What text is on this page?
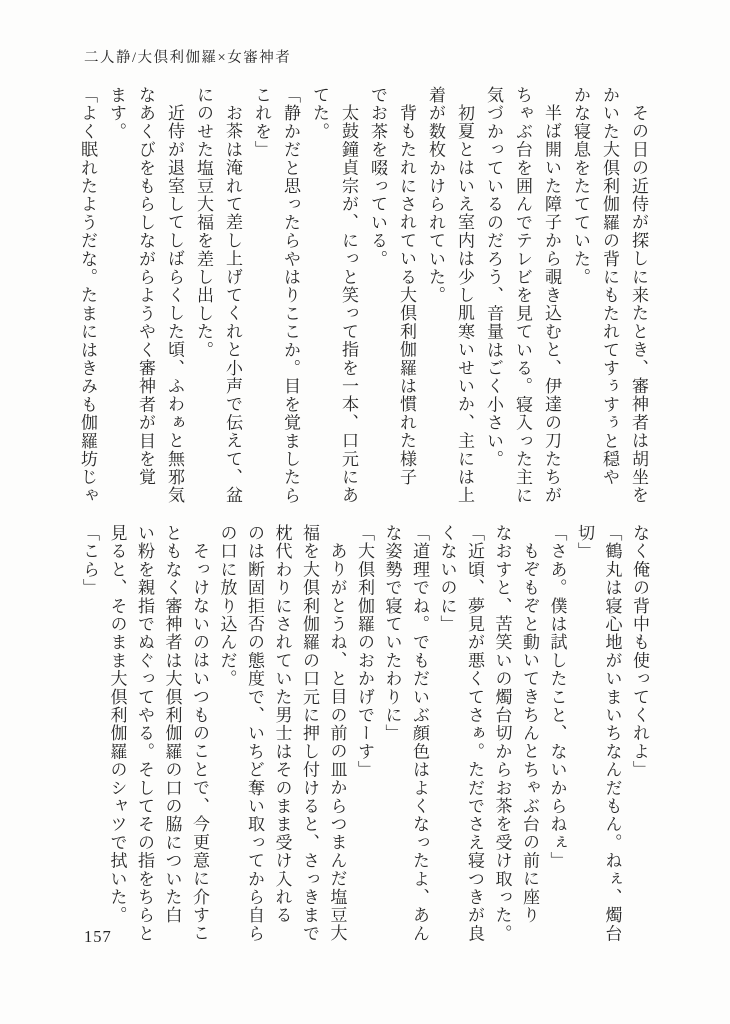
二人静/大倶利伽羅×女審神者
その日の近侍が探しに来たとき、審神者は胡坐を
かいた大倶利伽羅の背にもたれてすぅすぅと穏や
かな寝息をたてていた。
半ば開いた障子から覗き込むと、伊達の刀たちが
ちゃぶ台を囲んでテレビを見ている。寝入った主に
気づかっているのだろう、音量はごく小さい。
初夏とはいえ室内は少し肌寒いせいか、主には上
着が数枚かけられていた。
背もたれにされている大倶利伽羅は慣れた様子
でお茶を啜っている。
太鼓鐘貞宗が、にっと笑って指を一本、口元にあ
てた。
「静かだと思ったらやはりここか。目を覚ましたら
これを」
お茶は淹れて差し上げてくれと小声で伝えて、盆
にのせた塩豆大福を差し出した。
近侍が退室してしばらくした頃、ふわぁと無邪気
なあくびをもらしながらようやく審神者が目を覚
ます。
「よく眠れたようだな。たまにはきみも伽羅坊じゃ
なく俺の背中も使ってくれよ」
「鶴丸は寝心地がいまいちなんだもん。ねぇ、燭台
切」
「さあ。僕は試したこと、ないからねぇ」
もぞもぞと動いてきちんとちゃぶ台の前に座り
なおすと、苦笑いの燭台切からお茶を受け取った。
「近頃、夢見が悪くてさぁ。ただでさえ寝つきが良
くないのに」
「道理でね。でもだいぶ顔色はよくなったよ、あん
な姿勢で寝ていたわりに」
「大倶利伽羅のおかげでーす」
ありがとうね、と目の前の皿からつまんだ塩豆大
福を大倶利伽羅の口元に押し付けると、さっきまで
枕代わりにされていた男士はそのまま受け入れる
のは断固拒否の態度で、いちど奪い取ってから自ら
の口に放り込んだ。
そっけないのはいつものことで、今更意に介すこ
ともなく審神者は大倶利伽羅の口の脇についた白
い粉を親指でぬぐってやる。そしてその指をちらと
見ると、そのまま大倶利伽羅のシャツで拭いた。
「こら」
157
